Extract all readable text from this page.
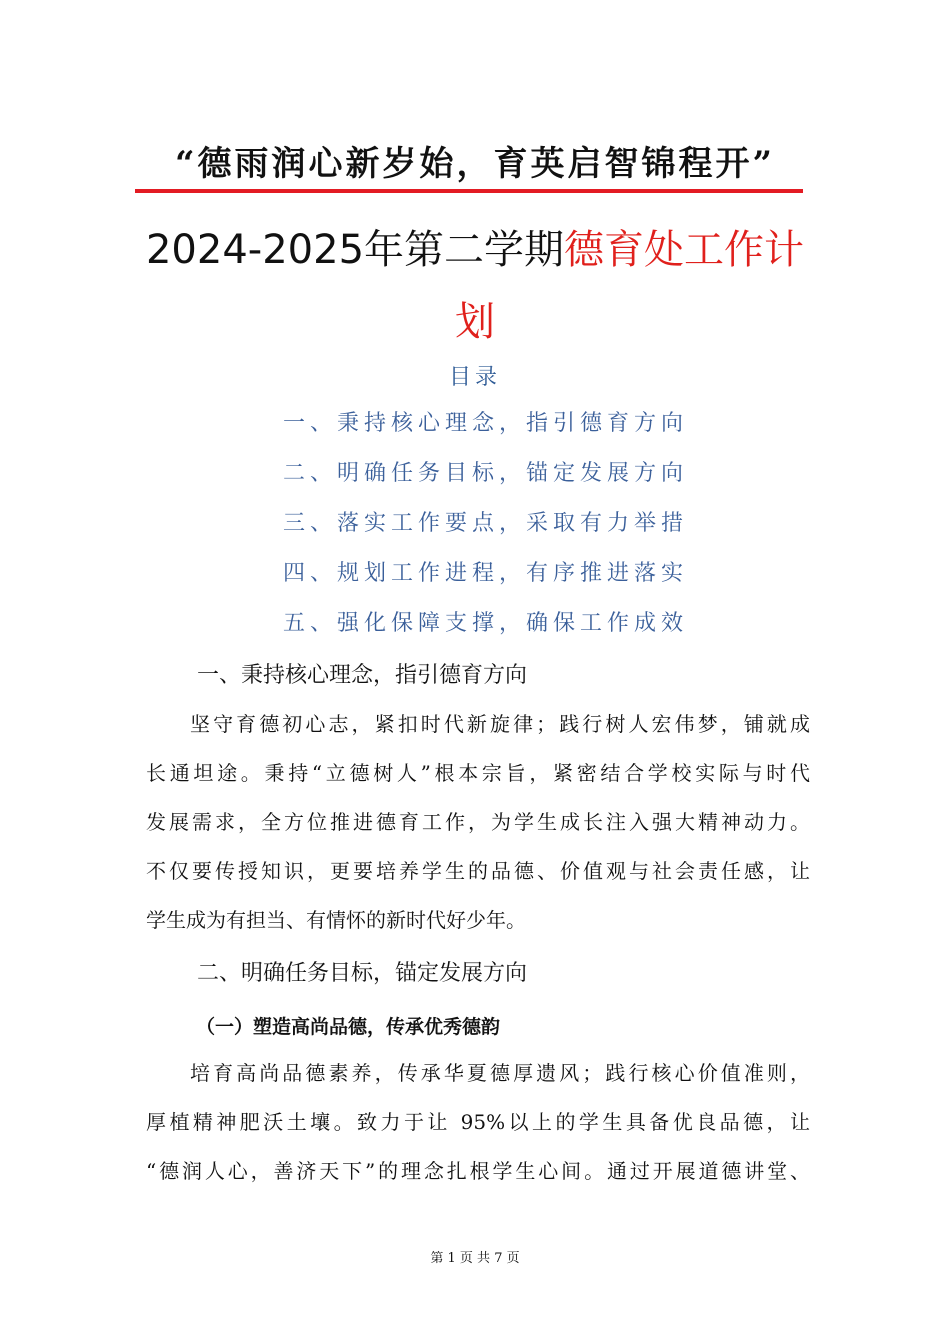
“德雨润心新岁始，育英启智锦程开”
2024-2025年第二学期德育处工作计
划
目录
一、秉持核心理念，指引德育方向
二、明确任务目标，锚定发展方向
三、落实工作要点，采取有力举措
四、规划工作进程，有序推进落实
五、强化保障支撑，确保工作成效
一、秉持核心理念，指引德育方向
坚守育德初心志，紧扣时代新旋律；践行树人宏伟梦，铺就成
长通坦途。秉持“立德树人”根本宗旨，紧密结合学校实际与时代
发展需求，全方位推进德育工作，为学生成长注入强大精神动力。
不仅要传授知识，更要培养学生的品德、价值观与社会责任感，让
学生成为有担当、有情怀的新时代好少年。
二、明确任务目标，锚定发展方向
（一）塑造高尚品德，传承优秀德韵
培育高尚品德素养，传承华夏德厚遗风；践行核心价值准则，
厚植精神肥沃土壤。致力于让 95%以上的学生具备优良品德，让
“德润人心，善济天下”的理念扎根学生心间。通过开展道德讲堂、
第 1 页 共 7 页
